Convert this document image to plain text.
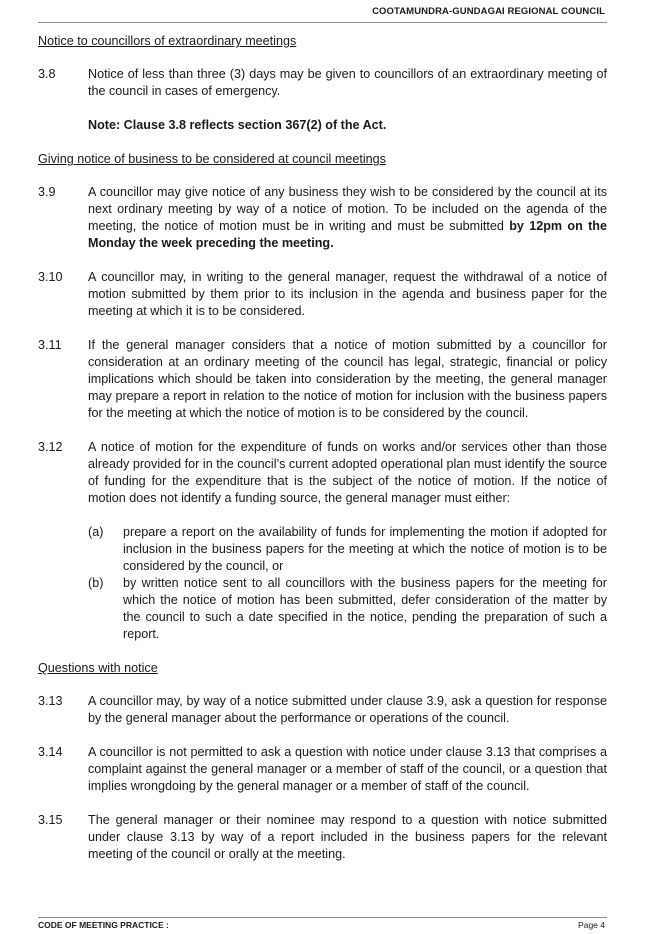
COOTAMUNDRA-GUNDAGAI REGIONAL COUNCIL
Notice to councillors of extraordinary meetings
3.8	Notice of less than three (3) days may be given to councillors of an extraordinary meeting of the council in cases of emergency.
Note: Clause 3.8 reflects section 367(2) of the Act.
Giving notice of business to be considered at council meetings
3.9	A councillor may give notice of any business they wish to be considered by the council at its next ordinary meeting by way of a notice of motion. To be included on the agenda of the meeting, the notice of motion must be in writing and must be submitted by 12pm on the Monday the week preceding the meeting.
3.10	A councillor may, in writing to the general manager, request the withdrawal of a notice of motion submitted by them prior to its inclusion in the agenda and business paper for the meeting at which it is to be considered.
3.11	If the general manager considers that a notice of motion submitted by a councillor for consideration at an ordinary meeting of the council has legal, strategic, financial or policy implications which should be taken into consideration by the meeting, the general manager may prepare a report in relation to the notice of motion for inclusion with the business papers for the meeting at which the notice of motion is to be considered by the council.
3.12	A notice of motion for the expenditure of funds on works and/or services other than those already provided for in the council’s current adopted operational plan must identify the source of funding for the expenditure that is the subject of the notice of motion. If the notice of motion does not identify a funding source, the general manager must either:
(a)	prepare a report on the availability of funds for implementing the motion if adopted for inclusion in the business papers for the meeting at which the notice of motion is to be considered by the council, or
(b)	by written notice sent to all councillors with the business papers for the meeting for which the notice of motion has been submitted, defer consideration of the matter by the council to such a date specified in the notice, pending the preparation of such a report.
Questions with notice
3.13	A councillor may, by way of a notice submitted under clause 3.9, ask a question for response by the general manager about the performance or operations of the council.
3.14	A councillor is not permitted to ask a question with notice under clause 3.13 that comprises a complaint against the general manager or a member of staff of the council, or a question that implies wrongdoing by the general manager or a member of staff of the council.
3.15	The general manager or their nominee may respond to a question with notice submitted under clause 3.13 by way of a report included in the business papers for the relevant meeting of the council or orally at the meeting.
CODE OF MEETING PRACTICE :	Page 4
